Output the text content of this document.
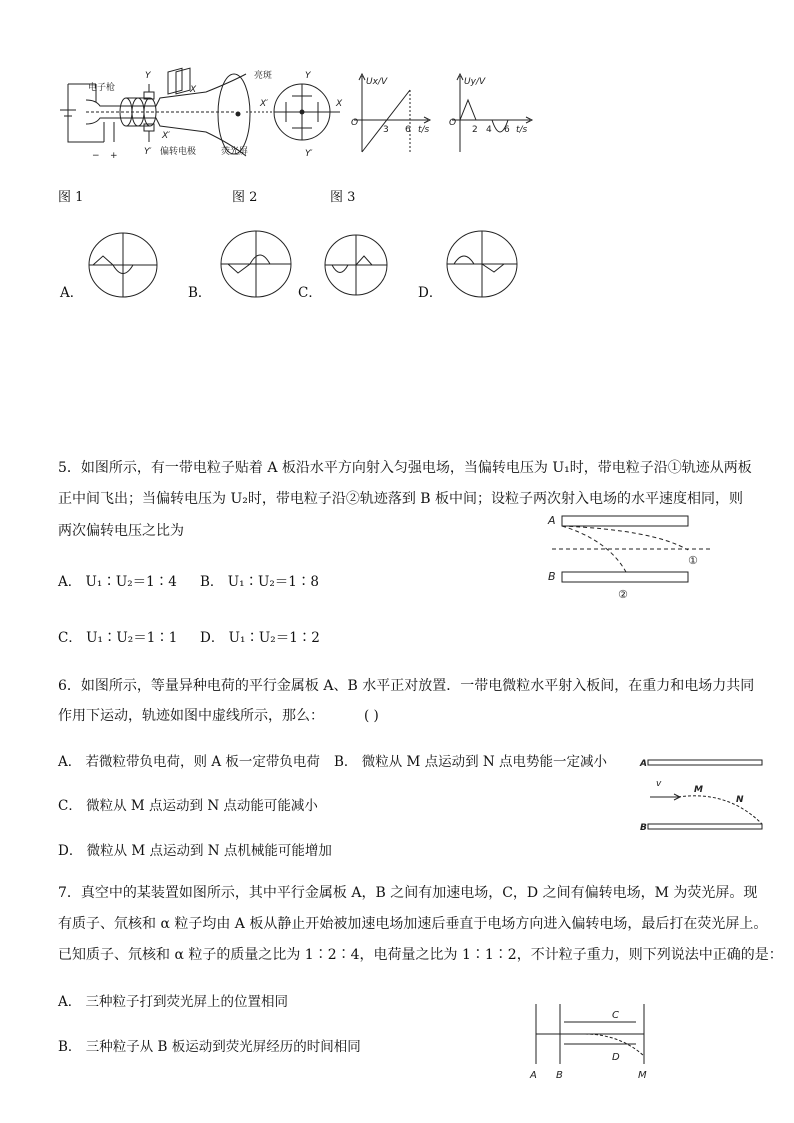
电子枪
Y
Y′
X
X′
偏转电极
亮斑
荧光屏
− +
Y
Y′
X
X′
Ux/V
t/s
O
3 6
Uy/V
t/s
O
2 4 6
图 1	图 2	图 3
A．	B．	C．	D．
5．如图所示，有一带电粒子贴着 A 板沿水平方向射入匀强电场，当偏转电压为 U₁时，带电粒子沿①轨迹从两板
正中间飞出；当偏转电压为 U₂时，带电粒子沿②轨迹落到 B 板中间；设粒子两次射入电场的水平速度相同，则
两次偏转电压之比为
A
B
①
②
A． U₁∶U₂＝1∶4 B． U₁∶U₂＝1∶8
C． U₁∶U₂＝1∶1 D． U₁∶U₂＝1∶2
6．如图所示，等量异种电荷的平行金属板 A、B 水平正对放置．一带电微粒水平射入板间，在重力和电场力共同
作用下运动，轨迹如图中虚线所示，那么：	( )
A． 若微粒带负电荷，则 A 板一定带负电荷 B． 微粒从 M 点运动到 N 点电势能一定减小
C． 微粒从 M 点运动到 N 点动能可能减小
D． 微粒从 M 点运动到 N 点机械能可能增加
A
B
v
M
N
7．真空中的某装置如图所示，其中平行金属板 A，B 之间有加速电场，C，D 之间有偏转电场，M 为荧光屏。现
有质子、氘核和 α 粒子均由 A 板从静止开始被加速电场加速后垂直于电场方向进入偏转电场，最后打在荧光屏上。
已知质子、氘核和 α 粒子的质量之比为 1∶2∶4，电荷量之比为 1∶1∶2，不计粒子重力，则下列说法中正确的是：
A． 三种粒子打到荧光屏上的位置相同
B． 三种粒子从 B 板运动到荧光屏经历的时间相同
A B
C
D
M
